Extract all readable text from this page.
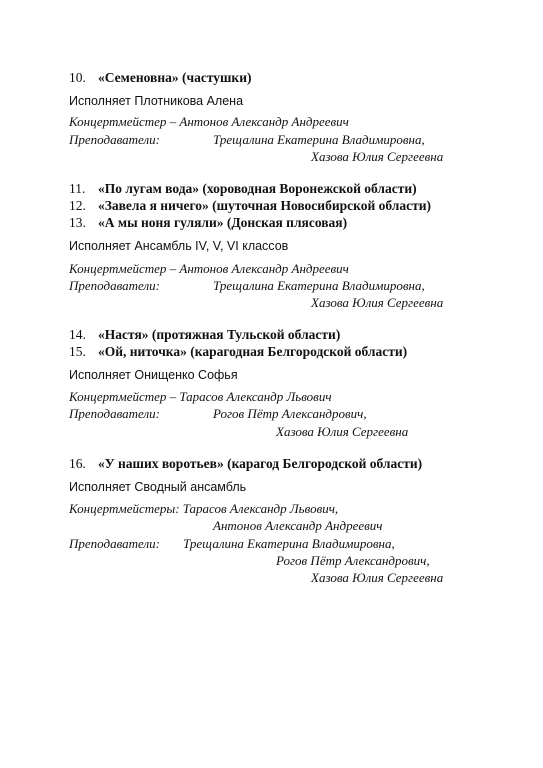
10. «Семеновна» (частушки)
Исполняет Плотникова Алена
Концертмейстер – Антонов Александр Андреевич
Преподаватели:	Трещалина Екатерина Владимировна,
Хазова Юлия Сергеевна
11. «По лугам вода» (хороводная Воронежской области)
12. «Завела я ничего» (шуточная Новосибирской области)
13. «А мы ноня гуляли» (Донская плясовая)
Исполняет Ансамбль IV, V, VI классов
Концертмейстер – Антонов Александр Андреевич
Преподаватели:	Трещалина Екатерина Владимировна,
Хазова Юлия Сергеевна
14. «Настя» (протяжная Тульской области)
15. «Ой, ниточка» (карагодная Белгородской области)
Исполняет Онищенко Софья
Концертмейстер – Тарасов Александр Львович
Преподаватели:	Рогов Пётр Александрович,
Хазова Юлия Сергеевна
16. «У наших воротьев» (карагод Белгородской области)
Исполняет Сводный ансамбль
Концертмейстеры: Тарасов Александр Львович,
Антонов Александр Андреевич
Преподаватели: Трещалина Екатерина Владимировна,
Рогов Пётр Александрович,
Хазова Юлия Сергеевна
